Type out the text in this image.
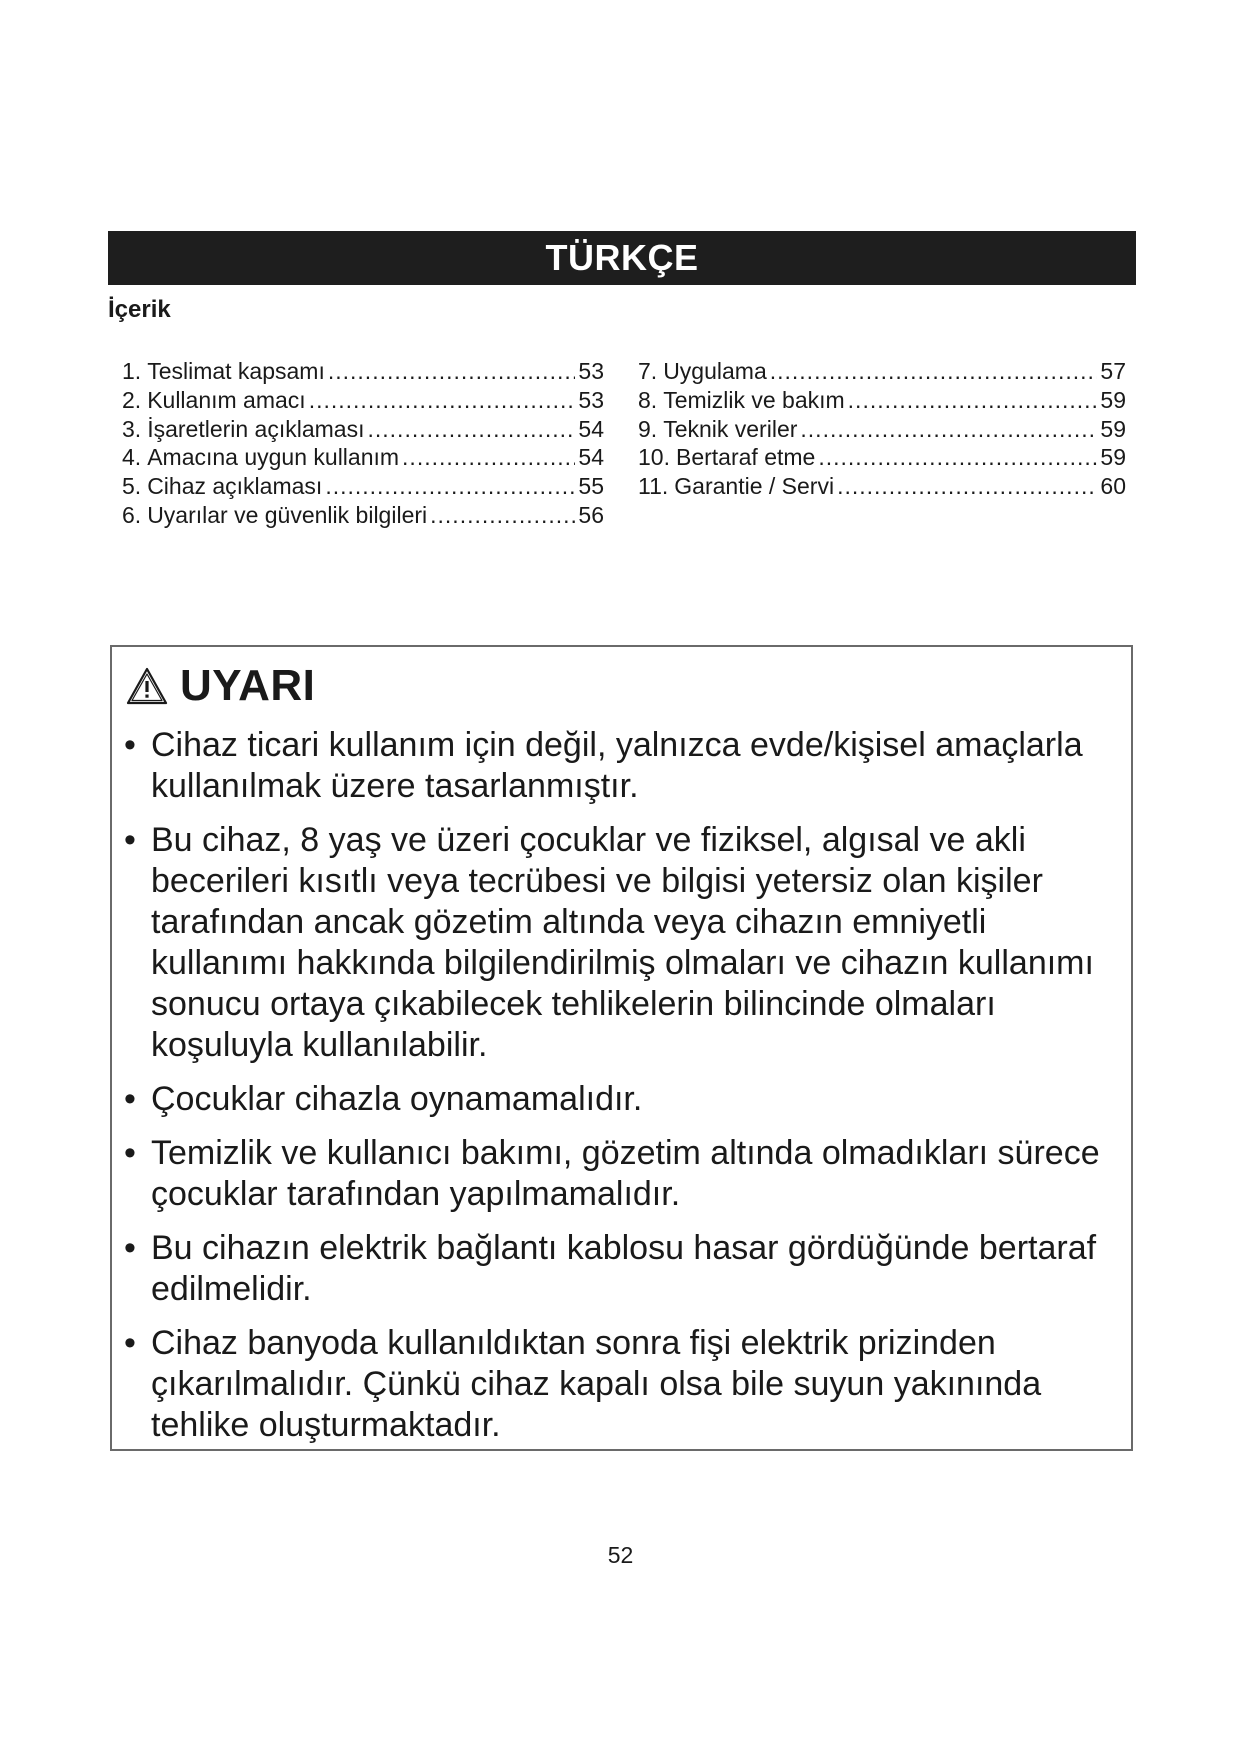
TÜRKÇE
İçerik
1. Teslimat kapsamı .....	53
2. Kullanım amacı .....	53
3. İşaretlerin açıklaması .....	54
4. Amacına uygun kullanım .....	54
5. Cihaz açıklaması .....	55
6. Uyarılar ve güvenlik bilgileri .....	56
7. Uygulama .....	57
8. Temizlik ve bakım .....	59
9. Teknik veriler .....	59
10. Bertaraf etme .....	59
11. Garantie / Servi .....	60
UYARI
• Cihaz ticari kullanım için değil, yalnızca evde/kişisel amaçlarla kullanılmak üzere tasarlanmıştır.
• Bu cihaz, 8 yaş ve üzeri çocuklar ve fiziksel, algısal ve akli becerileri kısıtlı veya tecrübesi ve bilgisi yetersiz olan kişiler tarafından ancak gözetim altında veya cihazın emniyetli kullanımı hakkında bilgilendirilmiş olmaları ve cihazın kullanımı sonucu ortaya çıkabilecek tehlikelerin bilincinde olmaları koşuluyla kullanılabilir.
• Çocuklar cihazla oynamamalıdır.
• Temizlik ve kullanıcı bakımı, gözetim altında olmadıkları sürece çocuklar tarafından yapılmamalıdır.
• Bu cihazın elektrik bağlantı kablosu hasar gördüğünde bertaraf edilmelidir.
• Cihaz banyoda kullanıldıktan sonra fişi elektrik prizinden çıkarılmalıdır. Çünkü cihaz kapalı olsa bile suyun yakınında tehlike oluşturmaktadır.
52
